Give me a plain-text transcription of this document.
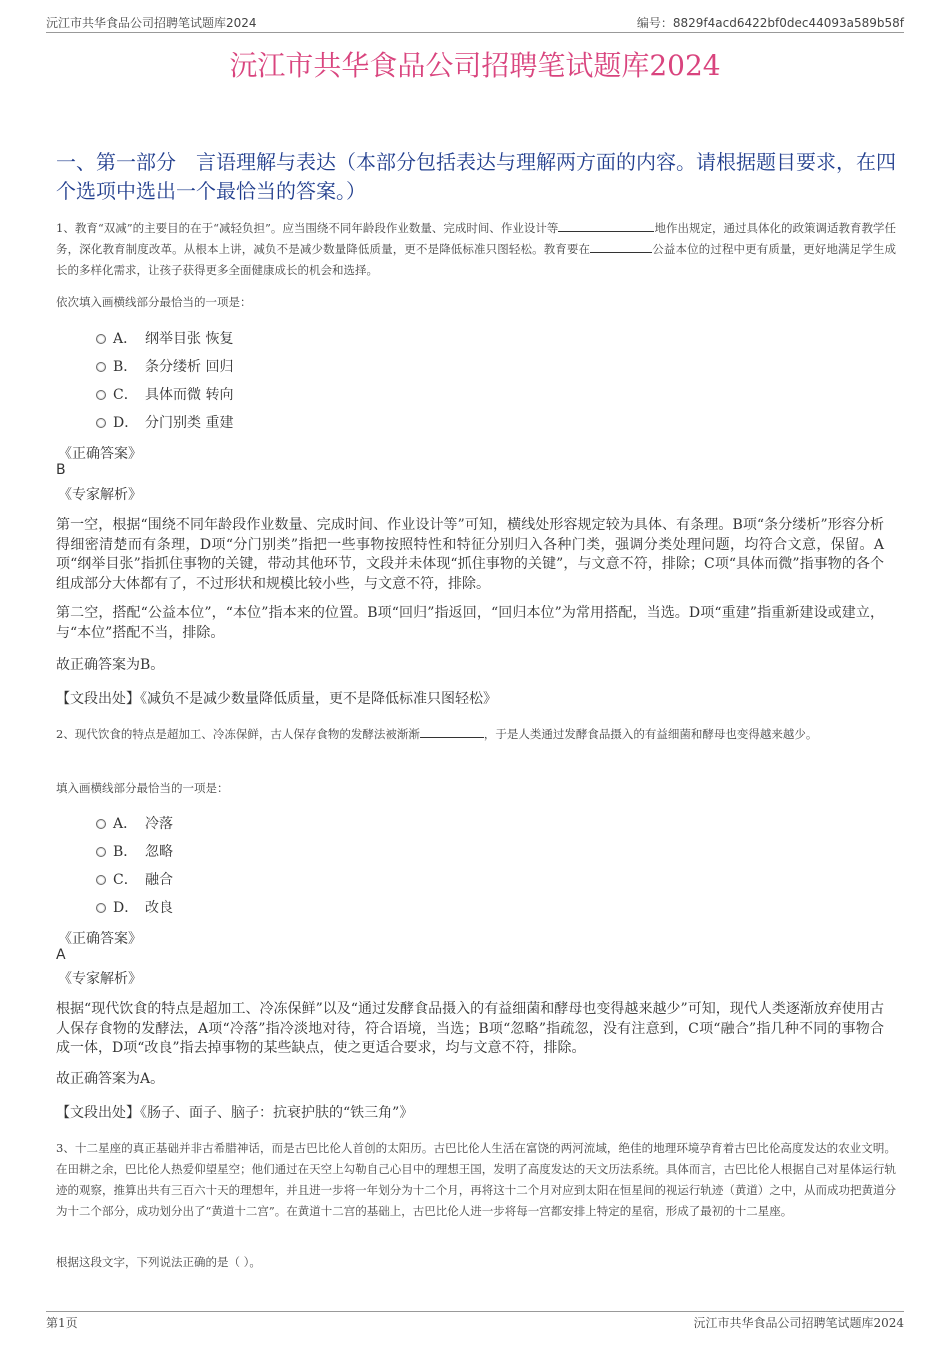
沅江市共华食品公司招聘笔试题库2024	编号：8829f4acd6422bf0dec44093a589b58f
沅江市共华食品公司招聘笔试题库2024
一、第一部分　言语理解与表达（本部分包括表达与理解两方面的内容。请根据题目要求，在四个选项中选出一个最恰当的答案。）
1、教育“双减”的主要目的在于“减轻负担”。应当围绕不同年龄段作业数量、完成时间、作业设计等	地作出规定，通过具体化的政策调适教育教学任务，深化教育制度改革。从根本上讲，减负不是减少数量降低质量，更不是降低标准只图轻松。教育要在	公益本位的过程中更有质量，更好地满足学生成长的多样化需求，让孩子获得更多全面健康成长的机会和选择。
依次填入画横线部分最恰当的一项是：
A． 纲举目张 恢复
B． 条分缕析 回归
C． 具体而微 转向
D． 分门别类 重建
《正确答案》
B
《专家解析》
第一空，根据“围绕不同年龄段作业数量、完成时间、作业设计等”可知，横线处形容规定较为具体、有条理。B项“条分缕析”形容分析得细密清楚而有条理，D项“分门别类”指把一些事物按照特性和特征分别归入各种门类，强调分类处理问题，均符合文意，保留。A项“纲举目张”指抓住事物的关键，带动其他环节，文段并未体现“抓住事物的关键”，与文意不符，排除；C项“具体而微”指事物的各个组成部分大体都有了，不过形状和规模比较小些，与文意不符，排除。
第二空，搭配“公益本位”，“本位”指本来的位置。B项“回归”指返回，“回归本位”为常用搭配，当选。D项“重建”指重新建设或建立，与“本位”搭配不当，排除。
故正确答案为B。
【文段出处】《减负不是减少数量降低质量，更不是降低标准只图轻松》
2、现代饮食的特点是超加工、冷冻保鲜，古人保存食物的发酵法被渐渐	，于是人类通过发酵食品摄入的有益细菌和酵母也变得越来越少。
填入画横线部分最恰当的一项是：
A． 冷落
B． 忽略
C． 融合
D． 改良
《正确答案》
A
《专家解析》
根据“现代饮食的特点是超加工、冷冻保鲜”以及“通过发酵食品摄入的有益细菌和酵母也变得越来越少”可知，现代人类逐渐放弃使用古人保存食物的发酵法，A项“冷落”指冷淡地对待，符合语境，当选；B项“忽略”指疏忽，没有注意到，C项“融合”指几种不同的事物合成一体，D项“改良”指去掉事物的某些缺点，使之更适合要求，均与文意不符，排除。
故正确答案为A。
【文段出处】《肠子、面子、脑子：抗衰护肤的“铁三角”》
3、十二星座的真正基础并非古希腊神话，而是古巴比伦人首创的太阳历。古巴比伦人生活在富饶的两河流域，绝佳的地理环境孕育着古巴比伦高度发达的农业文明。在田耕之余，巴比伦人热爱仰望星空；他们通过在天空上勾勒自己心目中的理想王国，发明了高度发达的天文历法系统。具体而言，古巴比伦人根据自己对星体运行轨迹的观察，推算出共有三百六十天的理想年，并且进一步将一年划分为十二个月，再将这十二个月对应到太阳在恒星间的视运行轨迹（黄道）之中，从而成功把黄道分为十二个部分，成功划分出了“黄道十二宫”。在黄道十二宫的基础上，古巴比伦人进一步将每一宫都安排上特定的星宿，形成了最初的十二星座。
根据这段文字，下列说法正确的是（ ）。
第1页	沅江市共华食品公司招聘笔试题库2024
